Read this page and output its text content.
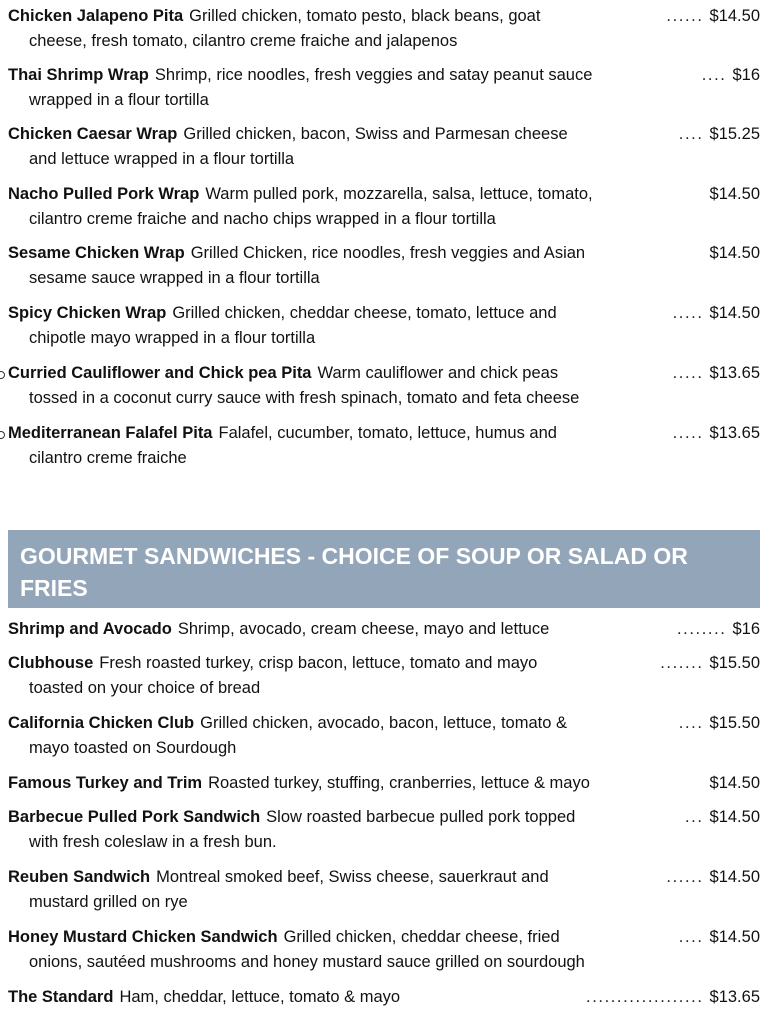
Chicken Jalapeno Pita Grilled chicken, tomato pesto, black beans, goat	...... $14.50
cheese, fresh tomato, cilantro creme fraiche and jalapenos
Thai Shrimp Wrap Shrimp, rice noodles, fresh veggies and satay peanut sauce	.... $16
wrapped in a flour tortilla
Chicken Caesar Wrap Grilled chicken, bacon, Swiss and Parmesan cheese	.... $15.25
and lettuce wrapped in a flour tortilla
Nacho Pulled Pork Wrap Warm pulled pork, mozzarella, salsa, lettuce, tomato,	$14.50
cilantro creme fraiche and nacho chips wrapped in a flour tortilla
Sesame Chicken Wrap Grilled Chicken, rice noodles, fresh veggies and Asian	$14.50
sesame sauce wrapped in a flour tortilla
Spicy Chicken Wrap Grilled chicken, cheddar cheese, tomato, lettuce and	..... $14.50
chipotle mayo wrapped in a flour tortilla
Curried Cauliflower and Chick pea Pita Warm cauliflower and chick peas	..... $13.65
tossed in a coconut curry sauce with fresh spinach, tomato and feta cheese
Mediterranean Falafel Pita Falafel, cucumber, tomato, lettuce, humus and	..... $13.65
cilantro creme fraiche
GOURMET SANDWICHES - CHOICE OF SOUP OR SALAD OR
FRIES
Shrimp and Avocado Shrimp, avocado, cream cheese, mayo and lettuce	........ $16
Clubhouse Fresh roasted turkey, crisp bacon, lettuce, tomato and mayo	....... $15.50
toasted on your choice of bread
California Chicken Club Grilled chicken, avocado, bacon, lettuce, tomato &	.... $15.50
mayo toasted on Sourdough
Famous Turkey and Trim Roasted turkey, stuffing, cranberries, lettuce & mayo	$14.50
Barbecue Pulled Pork Sandwich Slow roasted barbecue pulled pork topped	... $14.50
with fresh coleslaw in a fresh bun.
Reuben Sandwich Montreal smoked beef, Swiss cheese, sauerkraut and	...... $14.50
mustard grilled on rye
Honey Mustard Chicken Sandwich Grilled chicken, cheddar cheese, fried	.... $14.50
onions, sautéed mushrooms and honey mustard sauce grilled on sourdough
The Standard Ham, cheddar, lettuce, tomato & mayo	................... $13.65
